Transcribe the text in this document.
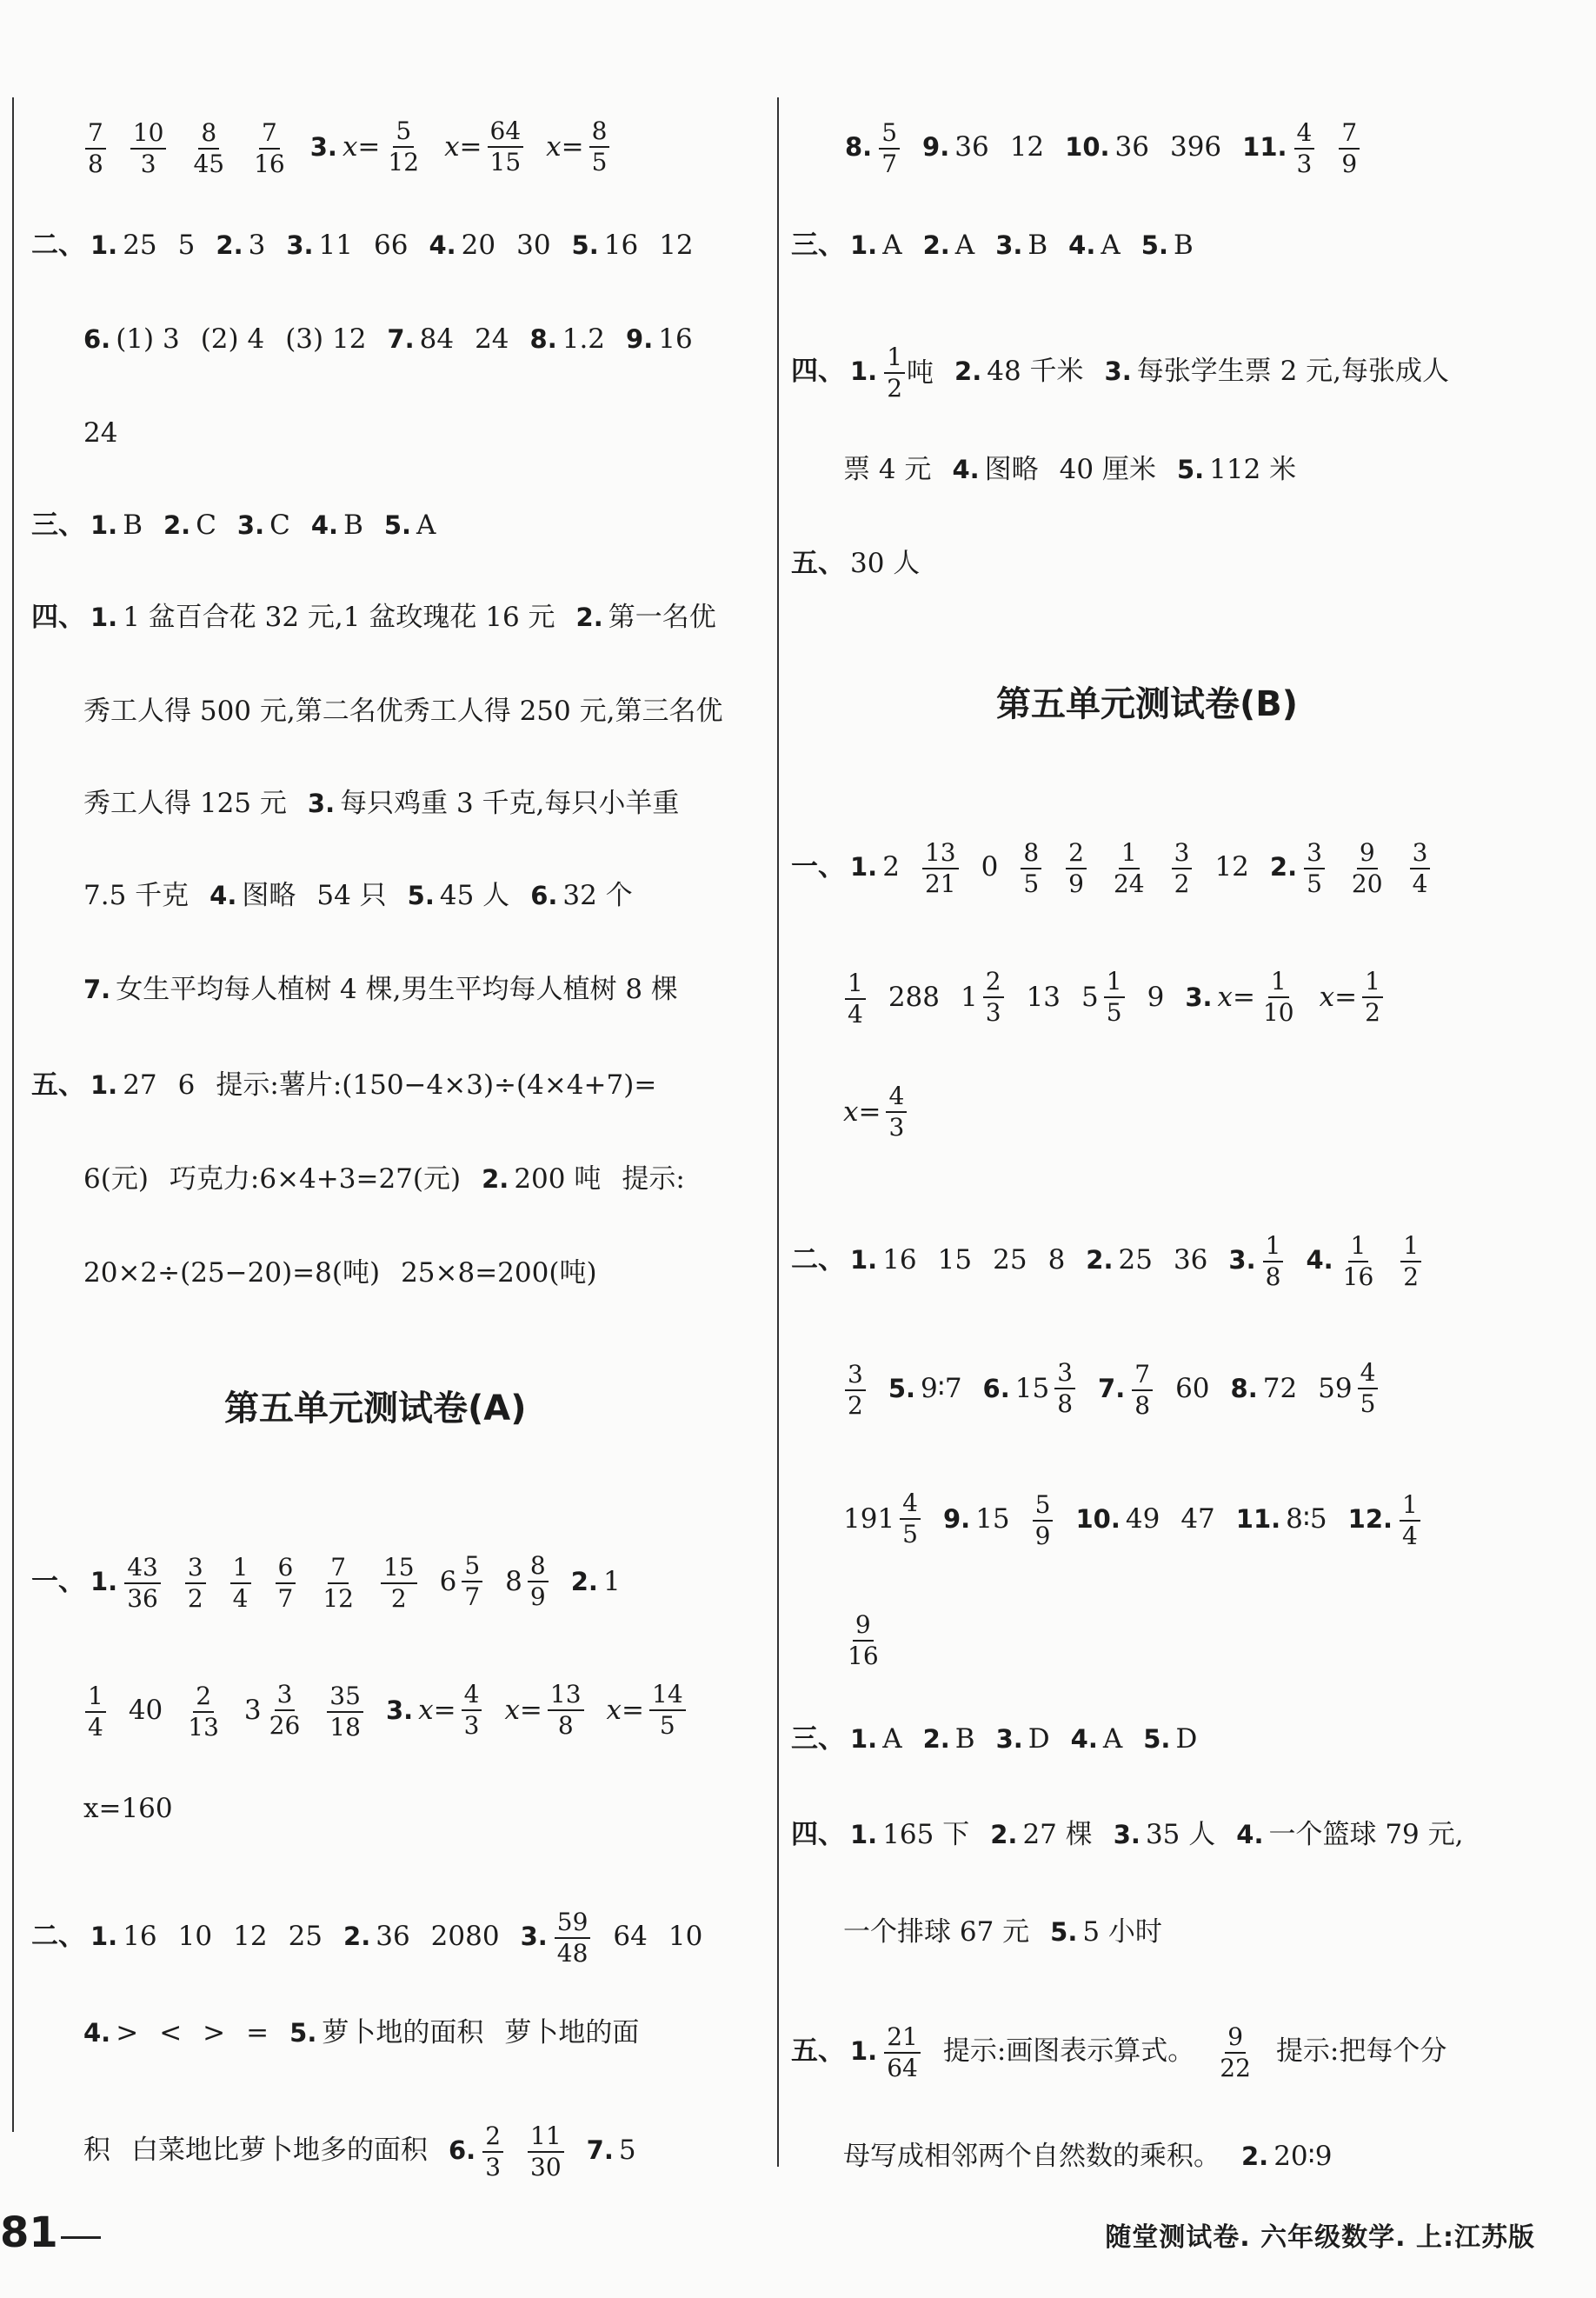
$\frac{7}{8} \frac{10}{3} \frac{8}{45} \frac{7}{16} 3$. $x= \frac{5}{12} x= \frac{64}{15} x= \frac{8}{5}$
二、 1. 25 5 2. 3 3. 11 66 4. 20 30 5. 16 12
6. (1) 3 (2) 4 (3) 12 7. 84 24 8. 1.2 9. 16
24
三、 1. B 2. C 3. C 4. B 5. A
四、 1. 1 盆百合花 32 元,1 盆玫瑰花 16 元 2. 第一名优
秀工人得 500 元,第二名优秀工人得 250 元,第三名优
秀工人得 125 元 3. 每只鸡重 3 千克,每只小羊重
7.5 千克 4. 图略 54 只 5. 45 人 6. 32 个
7. 女生平均每人植树 4 棵,男生平均每人植树 8 棵
五、 1. 27 6 提示:薯片:(150−4×3)÷(4×4+7)=
6(元) 巧克力:6×4+3=27(元) 2. 200 吨 提示:
20×2÷(25−20)=8(吨) 25×8=200(吨)
一、 1. $\frac{43}{36} \frac{3}{2} \frac{1}{4} \frac{6}{7} \frac{7}{12} \frac{15}{2} 6 \frac{5}{7} 8 \frac{8}{9} 2$. 1
$\frac{1}{4} 40 \frac{2}{13} 3 \frac{3}{26} \frac{35}{18} 3$. $x= \frac{4}{3} x= \frac{13}{8} x= \frac{14}{5}$
x=160
二、 1. 16 10 12 25 2. 36 2080 3. $\frac{59}{48} 64$ 10
4. > < > = 5. 萝卜地的面积 萝卜地的面
积 白菜地比萝卜地多的面积 6. $\frac{2}{3} \frac{11}{30} 7$. 5
8. $\frac{5}{7} 9$. 36 12 10. 36 396 11. $\frac{4}{3} \frac{7}{9}$
三、 1. A 2. A 3. B 4. A 5. B
四、 1. $\frac{1}{2}$ 吨 2. 48 千米 3. 每张学生票 2 元,每张成人
票 4 元 4. 图略 40 厘米 5. 112 米
五、 30 人
一、 1. $2 \frac{13}{21} 0 \frac{8}{5} \frac{2}{9} \frac{1}{24} \frac{3}{2} 12$ 2. $\frac{3}{5} \frac{9}{20} \frac{3}{4}$
$\frac{1}{4} 288$ $1 \frac{2}{3} 13$ $5 \frac{1}{5} 9$ 3. $x= \frac{1}{10} x= \frac{1}{2}$
$x= \frac{4}{3}$
二、 1. 16 15 25 8 2. 25 36 3. $\frac{1}{8} 4$. $\frac{1}{16} \frac{1}{2}$
$\frac{3}{2} 5$. 9∶7 6. $15 \frac{3}{8} 7$. $\frac{7}{8} 60$ 8. 72 $59 \frac{4}{5}$
$191 \frac{4}{5} 9$. $15 \frac{5}{9} 10$. 49 47 11. 8∶5 12. $\frac{1}{4}$
$\frac{9}{16}$
三、 1. A 2. B 3. D 4. A 5. D
四、 1. 165 下 2. 27 棵 3. 35 人 4. 一个篮球 79 元,
一个排球 67 元 5. 5 小时
五、 1. $\frac{21}{64}$ 提示:画图表示算式。 $\frac{9}{22}$ 提示:把每个分
母写成相邻两个自然数的乘积。 2. 20∶9
第五单元测试卷(A)
第五单元测试卷(B)
81	随堂测试卷. 六年级数学. 上:江苏版
